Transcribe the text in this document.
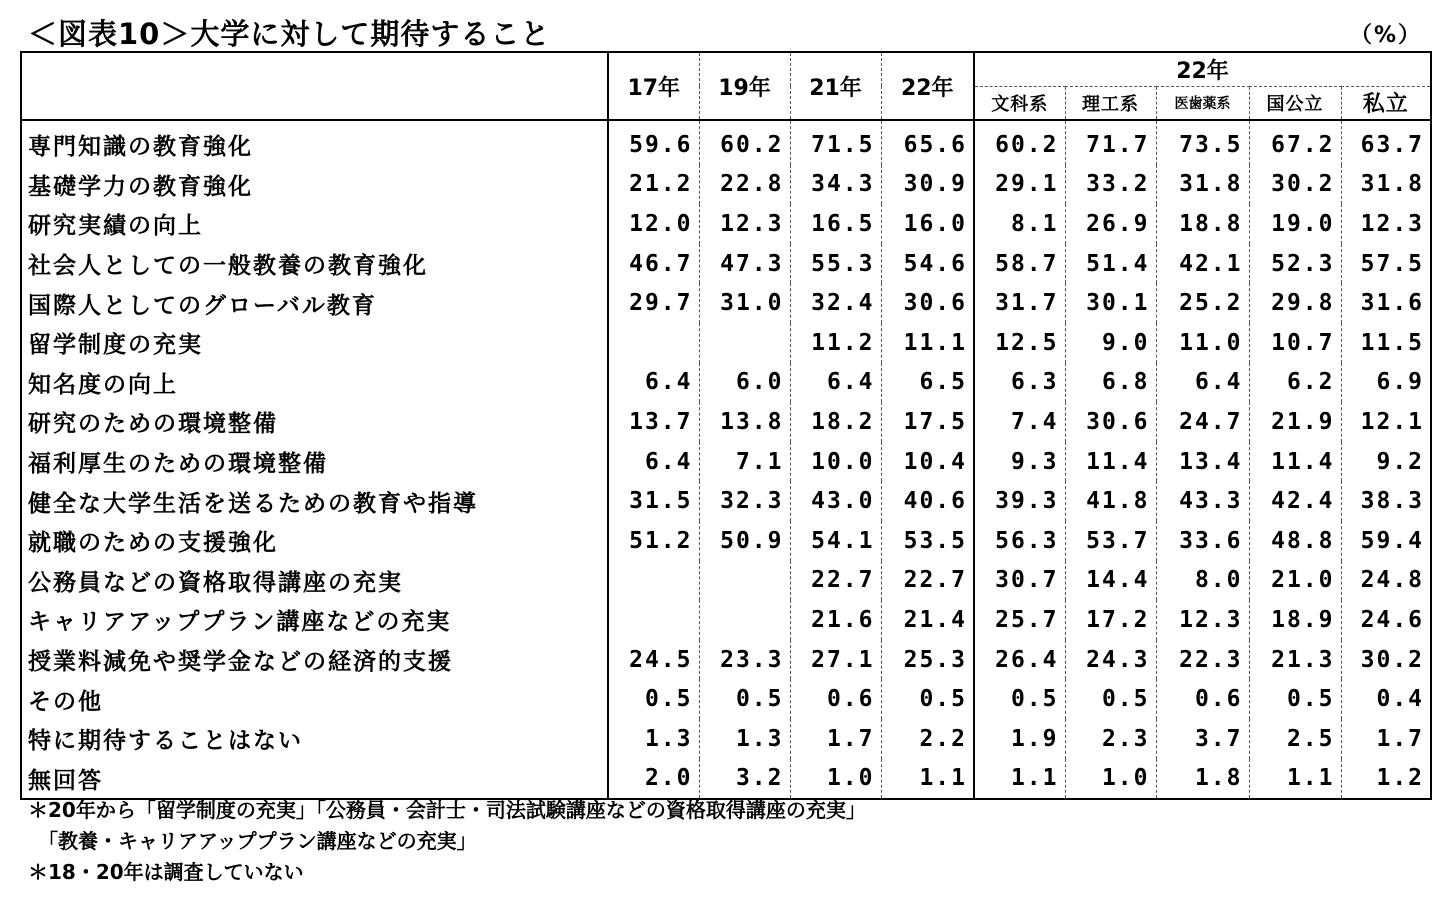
＜図表10＞大学に対して期待すること	（%）
	17年	19年	21年	22年	22年				
					文科系	理工系	医歯薬系	国公立	私立
専門知識の教育強化	59.6	60.2	71.5	65.6	60.2	71.7	73.5	67.2	63.7
基礎学力の教育強化	21.2	22.8	34.3	30.9	29.1	33.2	31.8	30.2	31.8
研究実績の向上	12.0	12.3	16.5	16.0	8.1	26.9	18.8	19.0	12.3
社会人としての一般教養の教育強化	46.7	47.3	55.3	54.6	58.7	51.4	42.1	52.3	57.5
国際人としてのグローバル教育	29.7	31.0	32.4	30.6	31.7	30.1	25.2	29.8	31.6
留学制度の充実			11.2	11.1	12.5	9.0	11.0	10.7	11.5
知名度の向上	6.4	6.0	6.4	6.5	6.3	6.8	6.4	6.2	6.9
研究のための環境整備	13.7	13.8	18.2	17.5	7.4	30.6	24.7	21.9	12.1
福利厚生のための環境整備	6.4	7.1	10.0	10.4	9.3	11.4	13.4	11.4	9.2
健全な大学生活を送るための教育や指導	31.5	32.3	43.0	40.6	39.3	41.8	43.3	42.4	38.3
就職のための支援強化	51.2	50.9	54.1	53.5	56.3	53.7	33.6	48.8	59.4
公務員などの資格取得講座の充実			22.7	22.7	30.7	14.4	8.0	21.0	24.8
キャリアアッププラン講座などの充実			21.6	21.4	25.7	17.2	12.3	18.9	24.6
授業料減免や奨学金などの経済的支援	24.5	23.3	27.1	25.3	26.4	24.3	22.3	21.3	30.2
その他	0.5	0.5	0.6	0.5	0.5	0.5	0.6	0.5	0.4
特に期待することはない	1.3	1.3	1.7	2.2	1.9	2.3	3.7	2.5	1.7
無回答	2.0	3.2	1.0	1.1	1.1	1.0	1.8	1.1	1.2
＊20年から「留学制度の充実」「公務員・会計士・司法試験講座などの資格取得講座の充実」
「教養・キャリアアッププラン講座などの充実」
＊18・20年は調査していない
